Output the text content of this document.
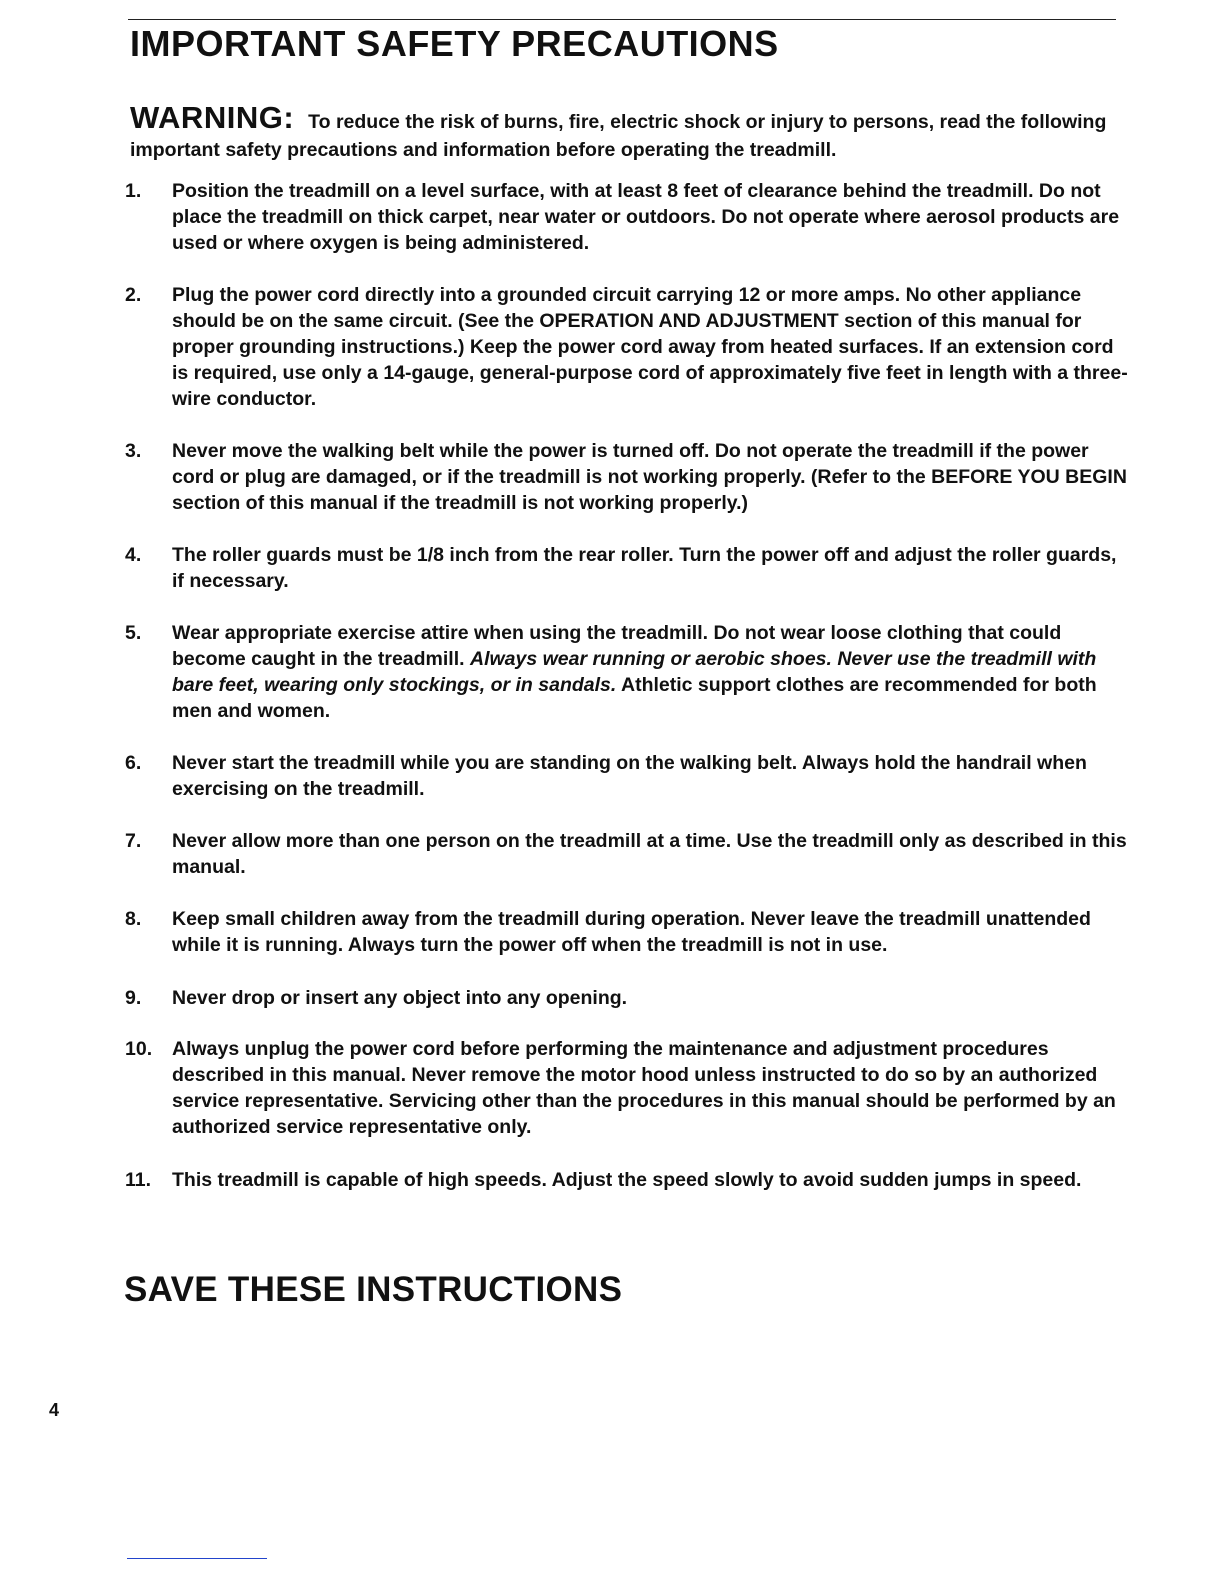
IMPORTANT SAFETY PRECAUTIONS

WARNING: To reduce the risk of burns, fire, electric shock or injury to persons, read the following important safety precautions and information before operating the treadmill.

1.	Position the treadmill on a level surface, with at least 8 feet of clearance behind the treadmill. Do not place the treadmill on thick carpet, near water or outdoors. Do not operate where aerosol products are used or where oxygen is being administered.
2.	Plug the power cord directly into a grounded circuit carrying 12 or more amps. No other appliance should be on the same circuit. (See the OPERATION AND ADJUSTMENT section of this manual for proper grounding instructions.) Keep the power cord away from heated surfaces. If an extension cord is required, use only a 14-gauge, general-purpose cord of approximately five feet in length with a three-wire conductor.
3.	Never move the walking belt while the power is turned off. Do not operate the treadmill if the power cord or plug are damaged, or if the treadmill is not working properly. (Refer to the BEFORE YOU BEGIN section of this manual if the treadmill is not working properly.)
4.	The roller guards must be 1/8 inch from the rear roller. Turn the power off and adjust the roller guards, if necessary.
5.	Wear appropriate exercise attire when using the treadmill. Do not wear loose clothing that could become caught in the treadmill. Always wear running or aerobic shoes. Never use the treadmill with bare feet, wearing only stockings, or in sandals. Athletic support clothes are recommended for both men and women.
6.	Never start the treadmill while you are standing on the walking belt. Always hold the handrail when exercising on the treadmill.
7.	Never allow more than one person on the treadmill at a time. Use the treadmill only as described in this manual.
8.	Keep small children away from the treadmill during operation. Never leave the treadmill unattended while it is running. Always turn the power off when the treadmill is not in use.
9.	Never drop or insert any object into any opening.
10.	Always unplug the power cord before performing the maintenance and adjustment procedures described in this manual. Never remove the motor hood unless instructed to do so by an authorized service representative. Servicing other than the procedures in this manual should be performed by an authorized service representative only.
11.	This treadmill is capable of high speeds. Adjust the speed slowly to avoid sudden jumps in speed.
SAVE THESE INSTRUCTIONS
4
